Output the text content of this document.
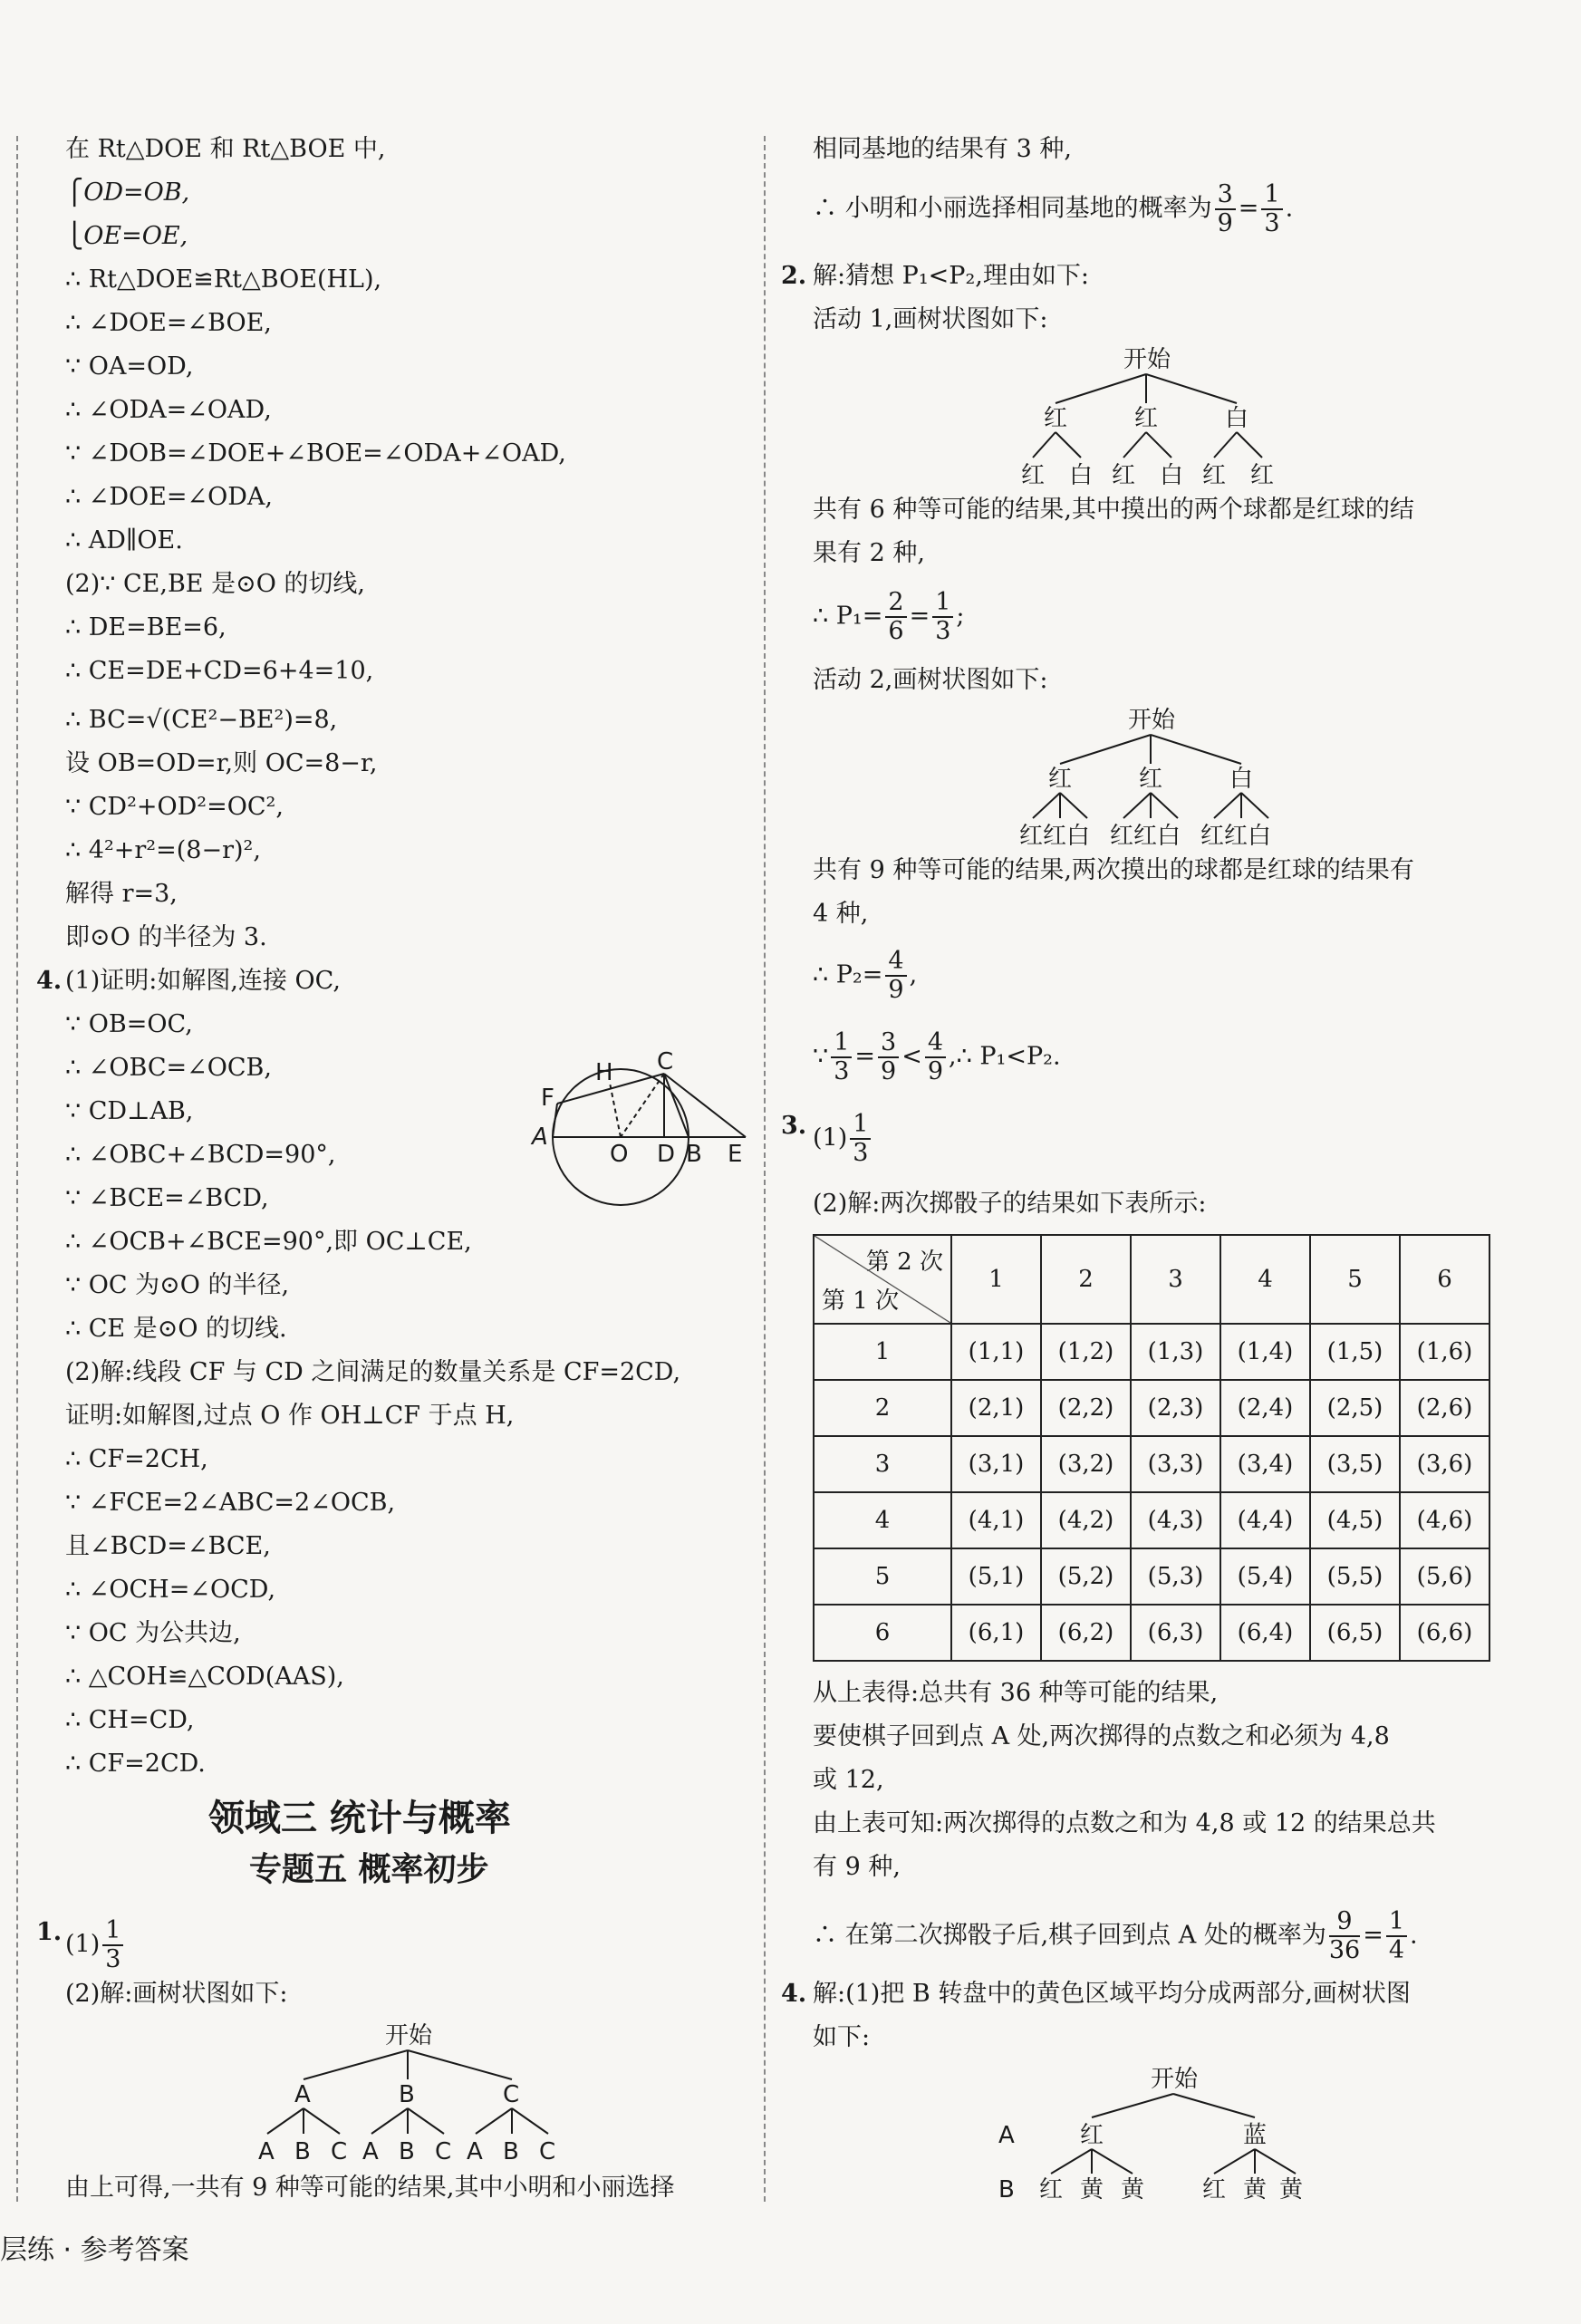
在 Rt△DOE 和 Rt△BOE 中,
⎧OD=OB,
⎩OE=OE,
∴ Rt△DOE≌Rt△BOE(HL),
∴ ∠DOE=∠BOE,
∵ OA=OD,
∴ ∠ODA=∠OAD,
∵ ∠DOB=∠DOE+∠BOE=∠ODA+∠OAD,
∴ ∠DOE=∠ODA,
∴ AD∥OE.
(2)∵ CE,BE 是⊙O 的切线,
∴ DE=BE=6,
∴ CE=DE+CD=6+4=10,
∴ BC=√(CE²−BE²)=8,
设 OB=OD=r,则 OC=8−r,
∵ CD²+OD²=OC²,
∴ 4²+r²=(8−r)²,
解得 r=3,
即⊙O 的半径为 3.
4. (1)证明:如解图,连接 OC,
∵ OB=OC,
∴ ∠OBC=∠OCB,
∵ CD⊥AB,
∴ ∠OBC+∠BCD=90°,
∵ ∠BCE=∠BCD,
∴ ∠OCB+∠BCE=90°,即 OC⊥CE,
∵ OC 为⊙O 的半径,
∴ CE 是⊙O 的切线.
(2)解:线段 CF 与 CD 之间满足的数量关系是 CF=2CD,
证明:如解图,过点 O 作 OH⊥CF 于点 H,
∴ CF=2CH,
∵ ∠FCE=2∠ABC=2∠OCB,
且∠BCD=∠BCE,
∴ ∠OCH=∠OCD,
∵ OC 为公共边,
∴ △COH≌△COD(AAS),
∴ CH=CD,
∴ CF=2CD.
A
F
H C
O D B E
领域三 统计与概率
专题五 概率初步
1. $(1) \frac{1}{3}$
(2)解:画树状图如下:
开始
A	B	C
A B C A B C A B C
由上可得,一共有 9 种等可能的结果,其中小明和小丽选择
相同基地的结果有 3 种,
∴ 小明和小丽选择相同基地的概率为 $\frac{3}{9} = \frac{1}{3}$ .
2. 解:猜想 P₁<P₂,理由如下:
活动 1,画树状图如下:
开始
红	红	白
红 白 红 白 红 红
共有 6 种等可能的结果,其中摸出的两个球都是红球的结
果有 2 种,
∴ $P_1= \frac{2}{6} = \frac{1}{3}$ ;
活动 2,画树状图如下:
开始
红	红	白
红红白 红红白 红红白
共有 9 种等可能的结果,两次摸出的球都是红球的结果有
4 种,
∴ $P_2= \frac{4}{9}$ ,
∵ $\frac{1}{3} = \frac{3}{9} < \frac{4}{9}$ ,∴ P₁<P₂.
3. $(1) \frac{1}{3}$
(2)解:两次掷骰子的结果如下表所示:
第 2 次
第 1 次	1	2	3	4	5	6
1	(1,1)	(1,2)	(1,3)	(1,4)	(1,5)	(1,6)
2	(2,1)	(2,2)	(2,3)	(2,4)	(2,5)	(2,6)
3	(3,1)	(3,2)	(3,3)	(3,4)	(3,5)	(3,6)
4	(4,1)	(4,2)	(4,3)	(4,4)	(4,5)	(4,6)
5	(5,1)	(5,2)	(5,3)	(5,4)	(5,5)	(5,6)
6	(6,1)	(6,2)	(6,3)	(6,4)	(6,5)	(6,6)
从上表得:总共有 36 种等可能的结果,
要使棋子回到点 A 处,两次掷得的点数之和必须为 4,8
或 12,
由上表可知:两次掷得的点数之和为 4,8 或 12 的结果总共
有 9 种,
∴ 在第二次掷骰子后,棋子回到点 A 处的概率为 $\frac{9}{36} = \frac{1}{4}$ .
4. 解:(1)把 B 转盘中的黄色区域平均分成两部分,画树状图
如下:
开始
A	红	蓝
B 红 黄 黄 红 黄 黄
层练 · 参考答案
